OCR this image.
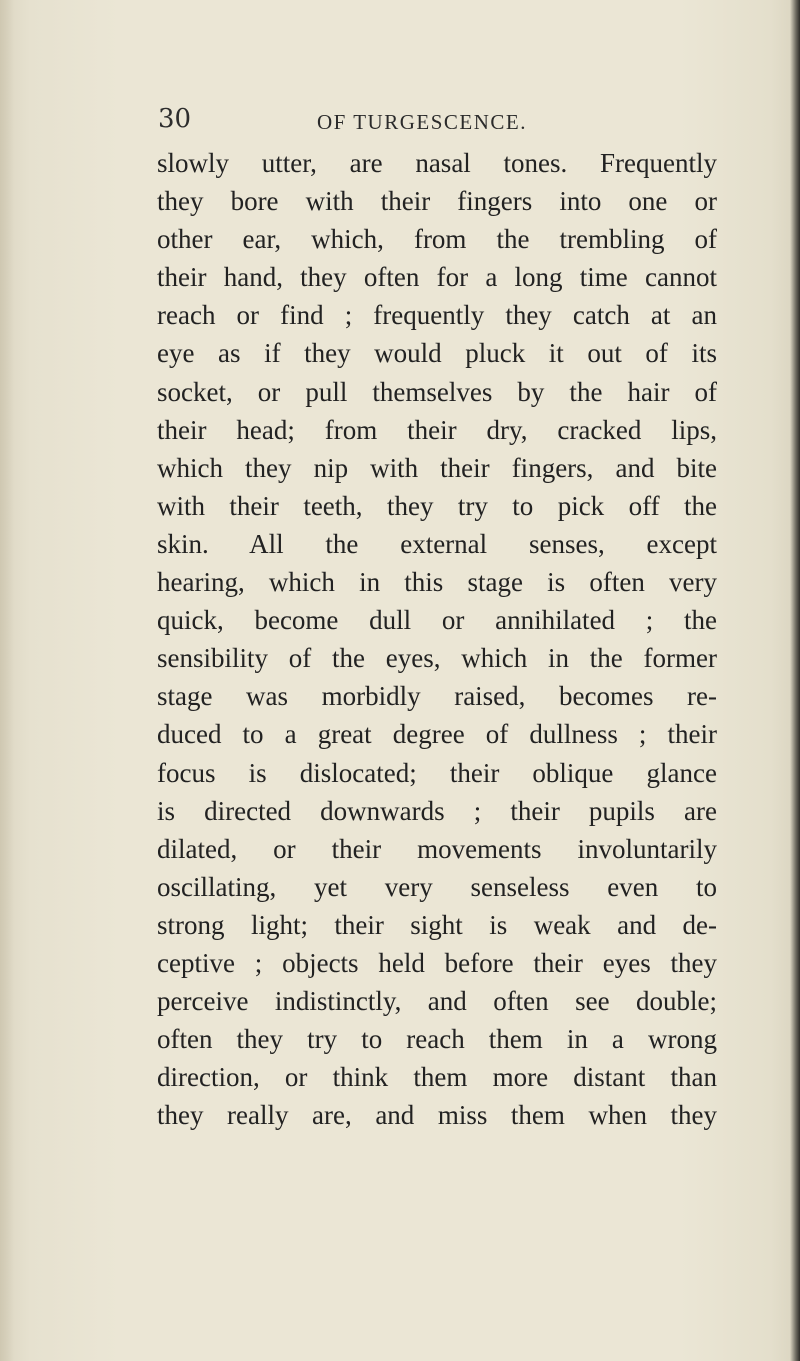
30	OF TURGESCENCE.
slowly utter, are nasal tones. Frequently
they bore with their fingers into one or
other ear, which, from the trembling of
their hand, they often for a long time cannot
reach or find ; frequently they catch at an
eye as if they would pluck it out of its
socket, or pull themselves by the hair of
their head; from their dry, cracked lips,
which they nip with their fingers, and bite
with their teeth, they try to pick off the
skin. All the external senses, except
hearing, which in this stage is often very
quick, become dull or annihilated ; the
sensibility of the eyes, which in the former
stage was morbidly raised, becomes re-
duced to a great degree of dullness ; their
focus is dislocated; their oblique glance
is directed downwards ; their pupils are
dilated, or their movements involuntarily
oscillating, yet very senseless even to
strong light; their sight is weak and de-
ceptive ; objects held before their eyes they
perceive indistinctly, and often see double;
often they try to reach them in a wrong
direction, or think them more distant than
they really are, and miss them when they
